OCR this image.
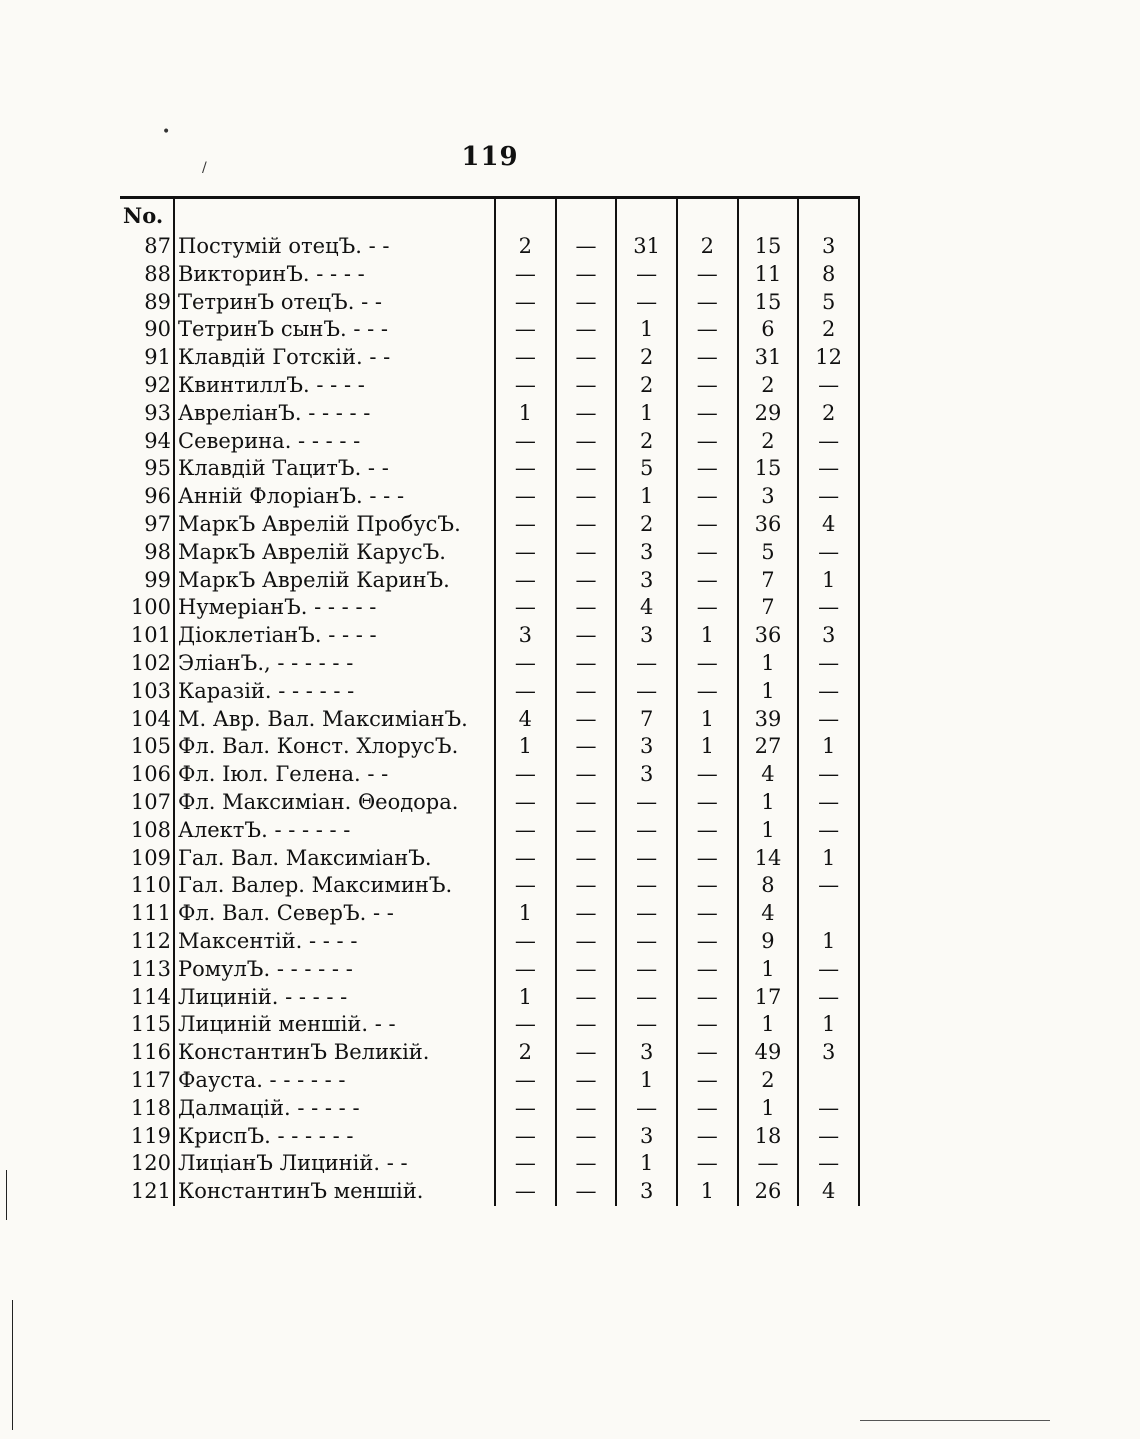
119
No.							
87	Постумій отецЪ. - -	2	—	31	2	15	3
88	ВикторинЪ. - - - -	—	—	—	—	11	8
89	ТетринЪ отецЪ. - -	—	—	—	—	15	5
90	ТетринЪ сынЪ. - - -	—	—	1	—	6	2
91	Клавдій Готскій. - -	—	—	2	—	31	12
92	КвинтиллЪ. - - - -	—	—	2	—	2	—
93	АвреліанЪ. - - - - -	1	—	1	—	29	2
94	Северина. - - - - -	—	—	2	—	2	—
95	Клавдій ТацитЪ. - -	—	—	5	—	15	—
96	Анній ФлоріанЪ. - - -	—	—	1	—	3	—
97	МаркЪ Аврелій ПробусЪ.	—	—	2	—	36	4
98	МаркЪ Аврелій КарусЪ.	—	—	3	—	5	—
99	МаркЪ Аврелій КаринЪ.	—	—	3	—	7	1
100	НумеріанЪ. - - - - -	—	—	4	—	7	—
101	ДіоклетіанЪ. - - - -	3	—	3	1	36	3
102	ЭліанЪ., - - - - - -	—	—	—	—	1	—
103	Каразій. - - - - - -	—	—	—	—	1	—
104	М. Авр. Вал. МаксиміанЪ.	4	—	7	1	39	—
105	Фл. Вал. Конст. ХлорусЪ.	1	—	3	1	27	1
106	Фл. Іюл. Гелена. - -	—	—	3	—	4	—
107	Фл. Максиміан. Θеодора.	—	—	—	—	1	—
108	АлектЪ. - - - - - -	—	—	—	—	1	—
109	Гал. Вал. МаксиміанЪ.	—	—	—	—	14	1
110	Гал. Валер. МаксиминЪ.	—	—	—	—	8	—
111	Фл. Вал. СеверЪ. - -	1	—	—	—	4	
112	Максентій. - - - -	—	—	—	—	9	1
113	РомулЪ. - - - - - -	—	—	—	—	1	—
114	Лициній. - - - - -	1	—	—	—	17	—
115	Лициній меншій. - -	—	—	—	—	1	1
116	КонстантинЪ Великій.	2	—	3	—	49	3
117	Фауста. - - - - - -	—	—	1	—	2	
118	Далмацій. - - - - -	—	—	—	—	1	—
119	КриспЪ. - - - - - -	—	—	3	—	18	—
120	ЛиціанЪ Лициній. - -	—	—	1	—	—	—
121	КонстантинЪ меншій.	—	—	3	1	26	4
•
/
